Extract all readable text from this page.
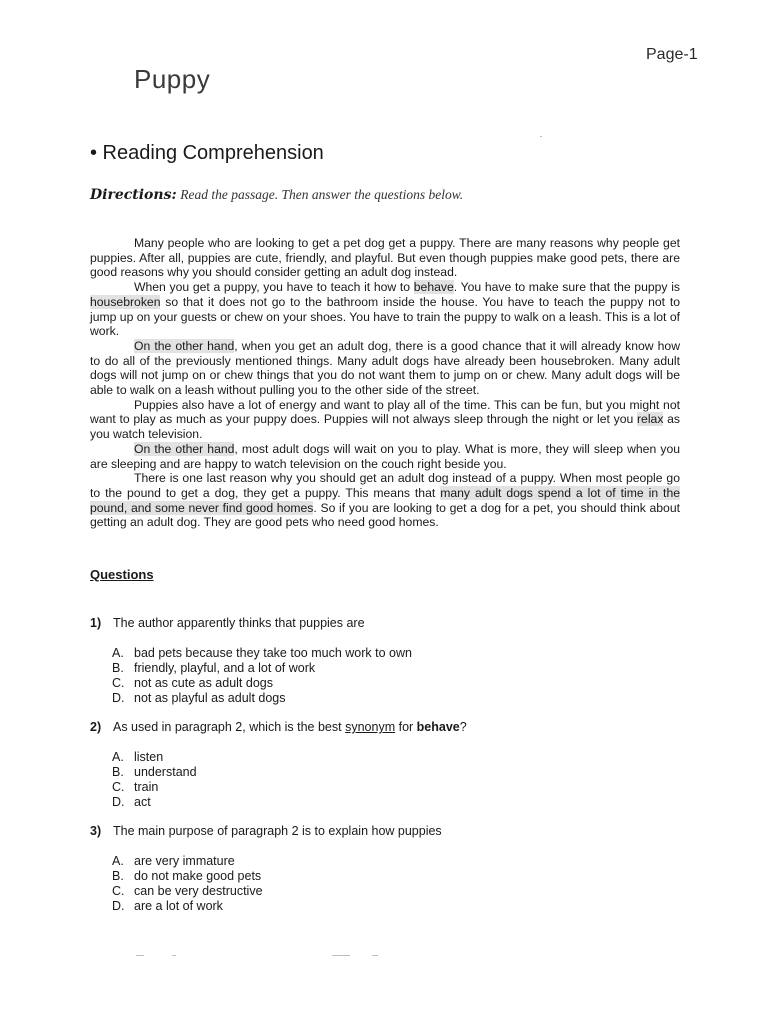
Page-1
Puppy
• Reading Comprehension
Directions: Read the passage. Then answer the questions below.

Many people who are looking to get a pet dog get a puppy. There are many reasons why people get puppies. After all, puppies are cute, friendly, and playful. But even though puppies make good pets, there are good reasons why you should consider getting an adult dog instead.

When you get a puppy, you have to teach it how to behave. You have to make sure that the puppy is housebroken so that it does not go to the bathroom inside the house. You have to teach the puppy not to jump up on your guests or chew on your shoes. You have to train the puppy to walk on a leash. This is a lot of work.

On the other hand, when you get an adult dog, there is a good chance that it will already know how to do all of the previously mentioned things. Many adult dogs have already been housebroken. Many adult dogs will not jump on or chew things that you do not want them to jump on or chew. Many adult dogs will be able to walk on a leash without pulling you to the other side of the street.

Puppies also have a lot of energy and want to play all of the time. This can be fun, but you might not want to play as much as your puppy does. Puppies will not always sleep through the night or let you relax as you watch television.

On the other hand, most adult dogs will wait on you to play. What is more, they will sleep when you are sleeping and are happy to watch television on the couch right beside you.

There is one last reason why you should get an adult dog instead of a puppy. When most people go to the pound to get a dog, they get a puppy. This means that many adult dogs spend a lot of time in the pound, and some never find good homes. So if you are looking to get a dog for a pet, you should think about getting an adult dog. They are good pets who need good homes.

Questions
1) The author apparently thinks that puppies are
A. bad pets because they take too much work to own
B. friendly, playful, and a lot of work
C. not as cute as adult dogs
D. not as playful as adult dogs
2) As used in paragraph 2, which is the best synonym for behave?
A. listen
B. understand
C. train
D. act
3) The main purpose of paragraph 2 is to explain how puppies
A. are very immature
B. do not make good pets
C. can be very destructive
D. are a lot of work
